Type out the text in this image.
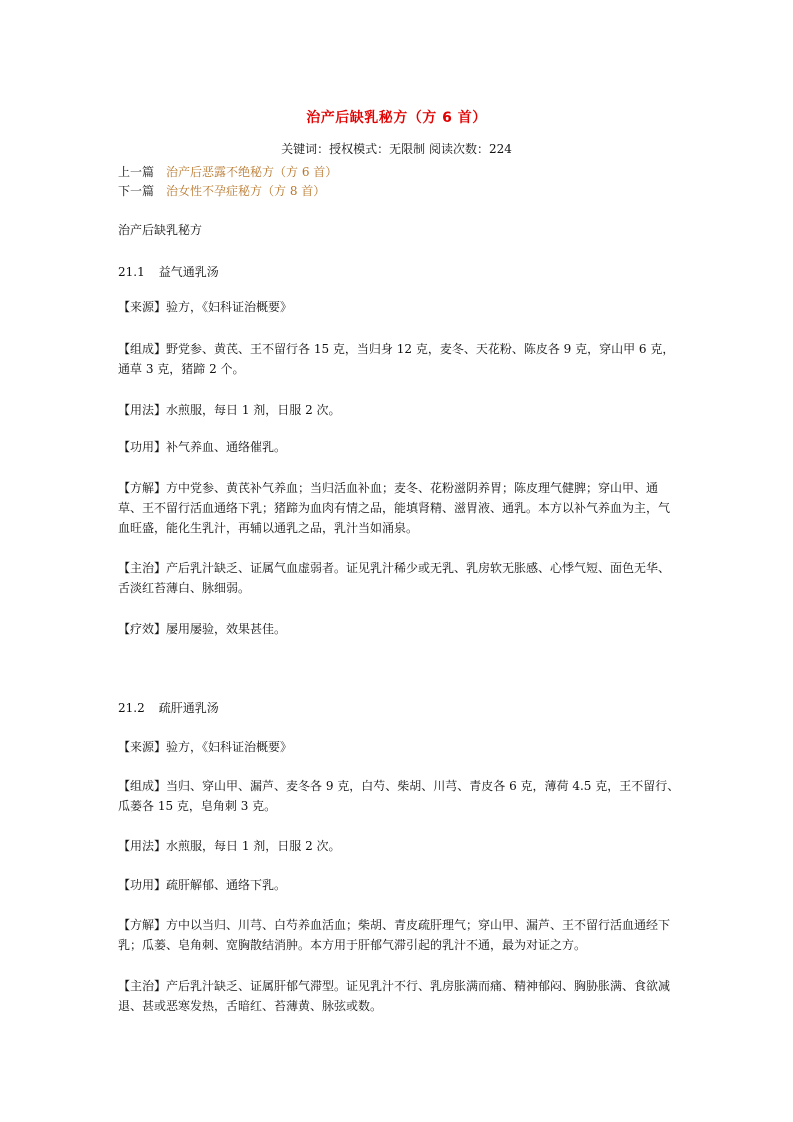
治产后缺乳秘方（方 6 首）
关键词：授权模式：无限制 阅读次数：224
上一篇 治产后恶露不绝秘方（方 6 首）
下一篇 治女性不孕症秘方（方 8 首）
治产后缺乳秘方
21.1 益气通乳汤
【来源】验方，《妇科证治概要》
【组成】野党参、黄芪、王不留行各 15 克，当归身 12 克，麦冬、天花粉、陈皮各 9 克，穿山甲 6 克，通草 3 克，猪蹄 2 个。
【用法】水煎服，每日 1 剂，日服 2 次。
【功用】补气养血、通络催乳。
【方解】方中党参、黄芪补气养血；当归活血补血；麦冬、花粉滋阴养胃；陈皮理气健脾；穿山甲、通草、王不留行活血通络下乳；猪蹄为血肉有情之品，能填肾精、滋胃液、通乳。本方以补气养血为主，气血旺盛，能化生乳汁，再辅以通乳之品，乳汁当如涌泉。
【主治】产后乳汁缺乏、证属气血虚弱者。证见乳汁稀少或无乳、乳房软无胀感、心悸气短、面色无华、舌淡红苔薄白、脉细弱。
【疗效】屡用屡验，效果甚佳。
21.2 疏肝通乳汤
【来源】验方，《妇科证治概要》
【组成】当归、穿山甲、漏芦、麦冬各 9 克，白芍、柴胡、川芎、青皮各 6 克，薄荷 4.5 克，王不留行、瓜蒌各 15 克，皂角刺 3 克。
【用法】水煎服，每日 1 剂，日服 2 次。
【功用】疏肝解郁、通络下乳。
【方解】方中以当归、川芎、白芍养血活血；柴胡、青皮疏肝理气；穿山甲、漏芦、王不留行活血通经下乳；瓜蒌、皂角刺、宽胸散结消肿。本方用于肝郁气滞引起的乳汁不通，最为对证之方。
【主治】产后乳汁缺乏、证属肝郁气滞型。证见乳汁不行、乳房胀满而痛、精神郁闷、胸胁胀满、食欲减退、甚或恶寒发热，舌暗红、苔薄黄、脉弦或数。
